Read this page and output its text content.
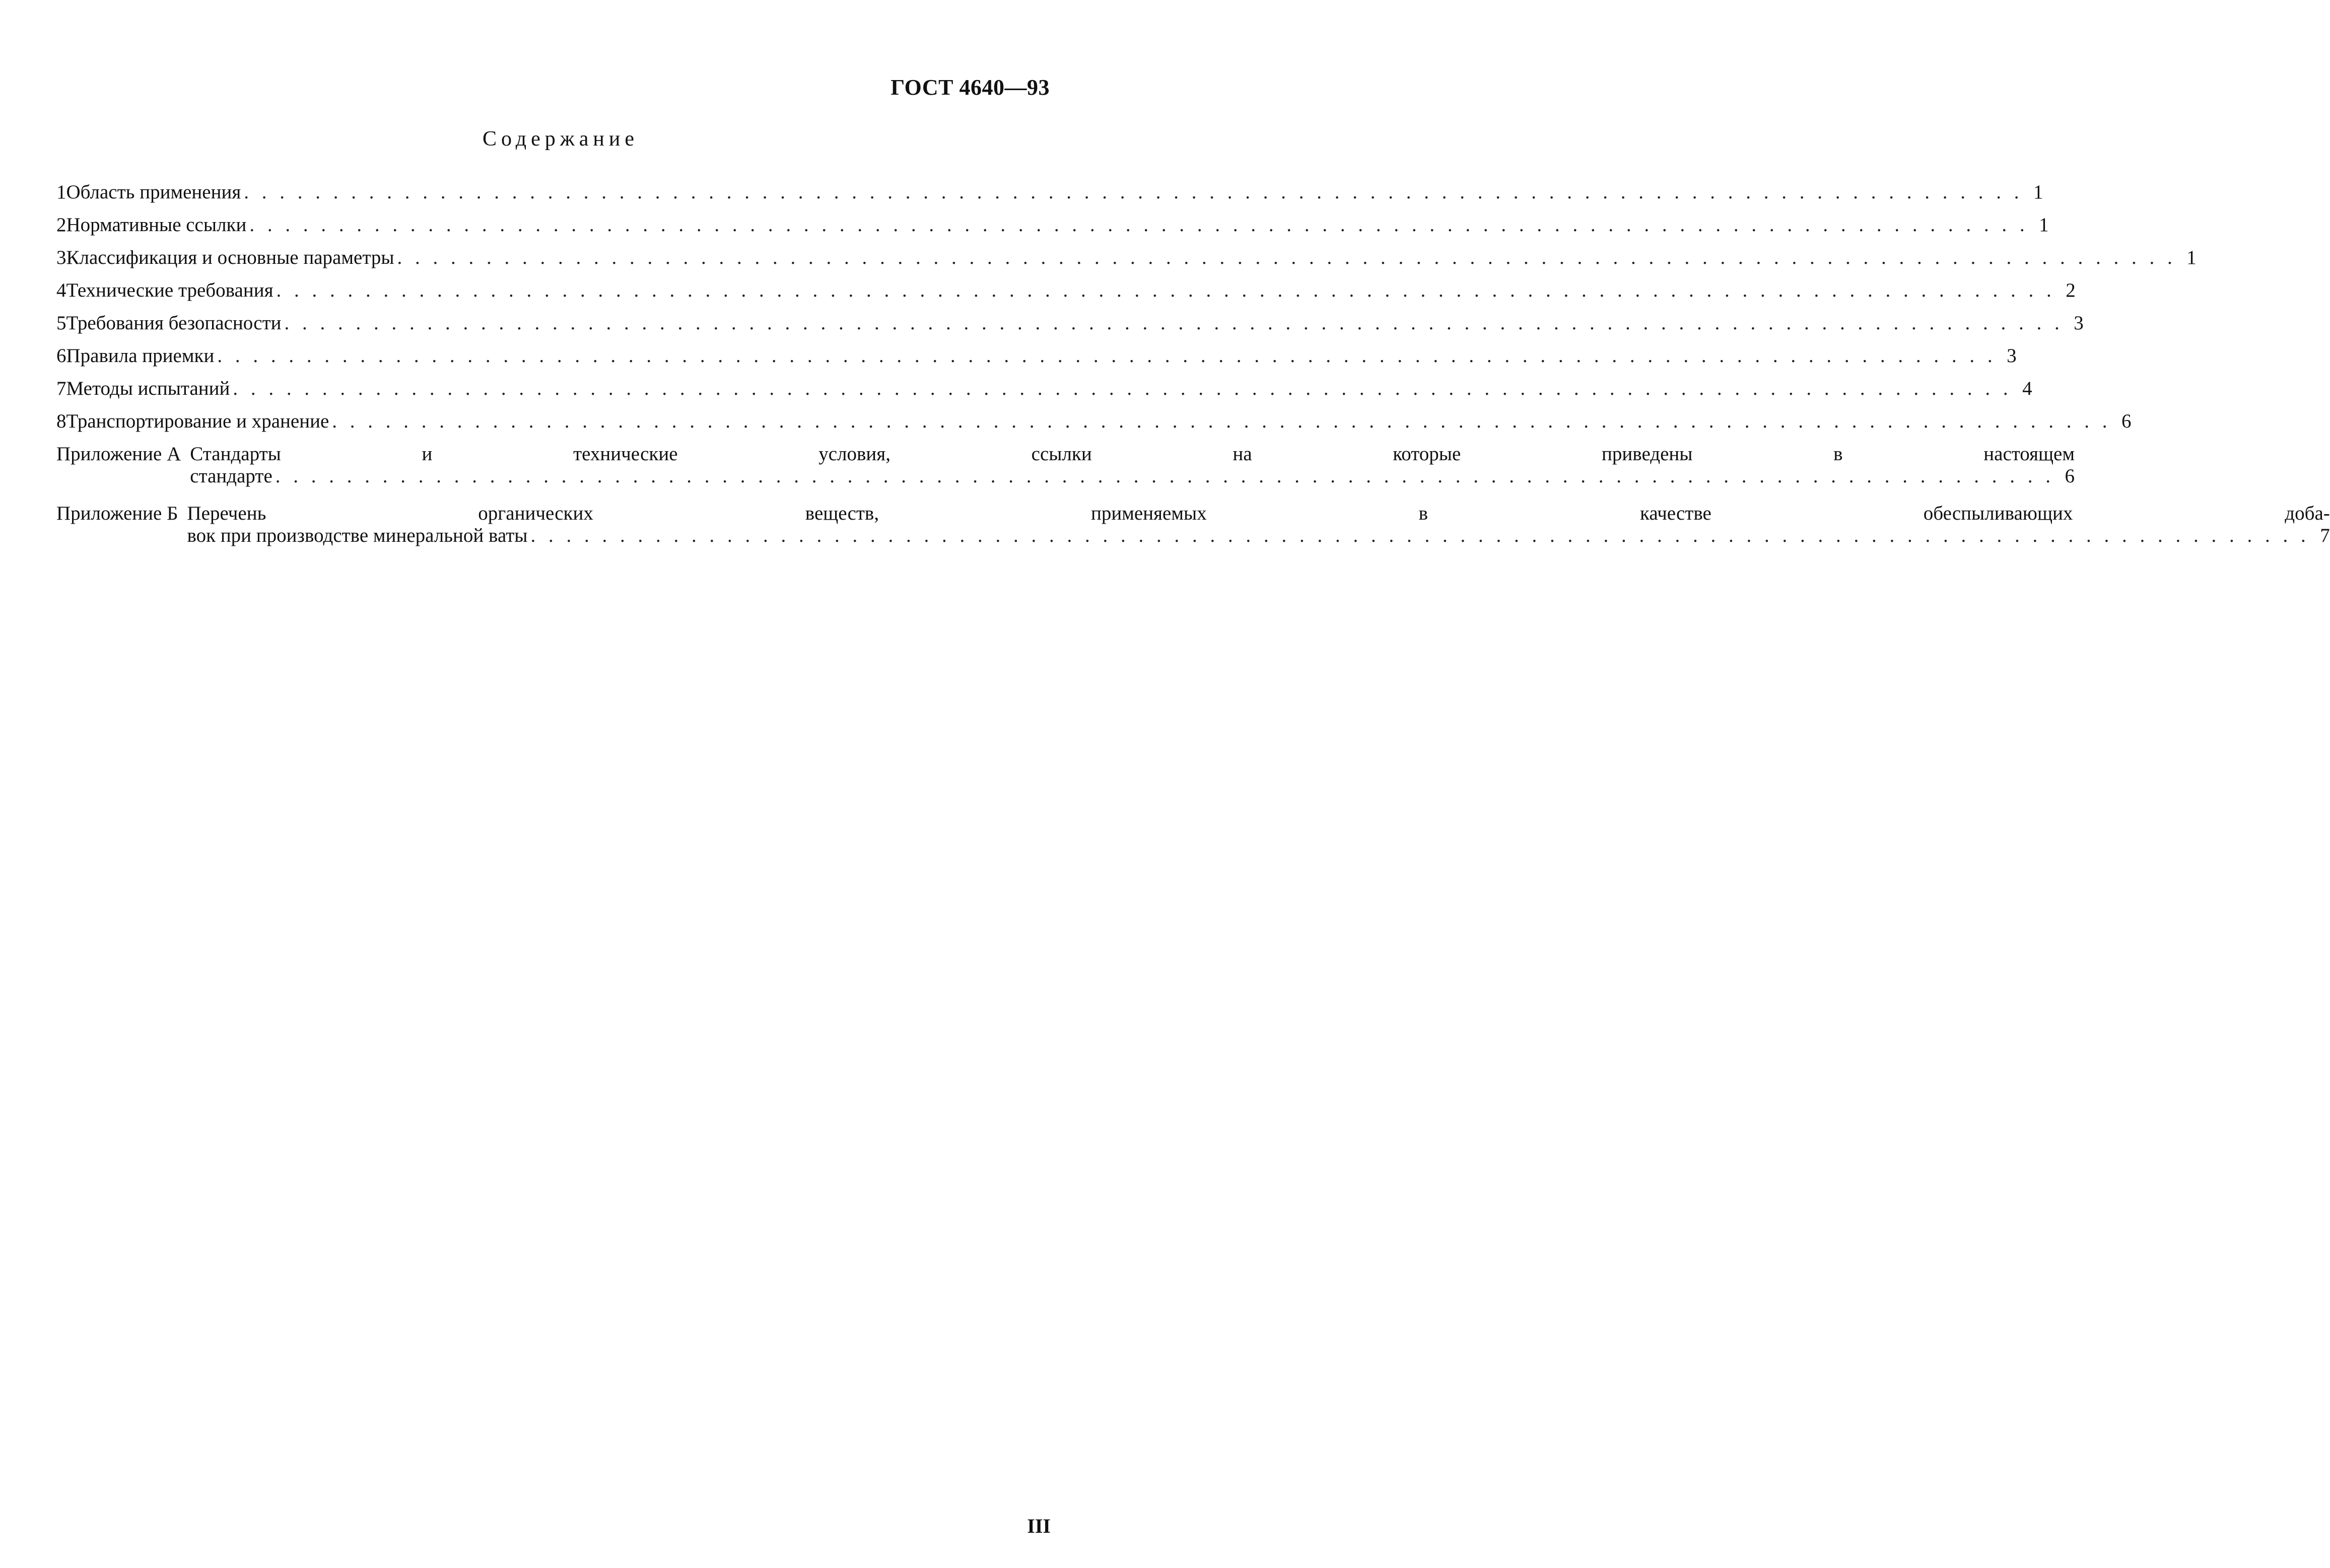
ГОСТ 4640—93
Содержание
1 Область применения . . . . . . . . . . . . . . . . . . . . . . . . . . . . . . . . . . . . . . . . . . . . . . . . . . . . . . . . . . . . . . . . . . . . . . . . . . . . . . . . . . . . . . . . . . . . . . . . . . . . 1
2 Нормативные ссылки . . . . . . . . . . . . . . . . . . . . . . . . . . . . . . . . . . . . . . . . . . . . . . . . . . . . . . . . . . . . . . . . . . . . . . . . . . . . . . . . . . . . . . . . . . . . . . . . . . . . 1
3 Классификация и основные параметры . . . . . . . . . . . . . . . . . . . . . . . . . . . . . . . . . . . . . . . . . . . . . . . . . . . . . . . . . . . . . . . . . . . . . . . . . . . . . . . . . . . . . . . . . . . . . . . . . . . . 1
4 Технические требования . . . . . . . . . . . . . . . . . . . . . . . . . . . . . . . . . . . . . . . . . . . . . . . . . . . . . . . . . . . . . . . . . . . . . . . . . . . . . . . . . . . . . . . . . . . . . . . . . . . . 2
5 Требования безопасности . . . . . . . . . . . . . . . . . . . . . . . . . . . . . . . . . . . . . . . . . . . . . . . . . . . . . . . . . . . . . . . . . . . . . . . . . . . . . . . . . . . . . . . . . . . . . . . . . . . . 3
6 Правила приемки . . . . . . . . . . . . . . . . . . . . . . . . . . . . . . . . . . . . . . . . . . . . . . . . . . . . . . . . . . . . . . . . . . . . . . . . . . . . . . . . . . . . . . . . . . . . . . . . . . . . 3
7 Методы испытаний . . . . . . . . . . . . . . . . . . . . . . . . . . . . . . . . . . . . . . . . . . . . . . . . . . . . . . . . . . . . . . . . . . . . . . . . . . . . . . . . . . . . . . . . . . . . . . . . . . . . 4
8 Транспортирование и хранение . . . . . . . . . . . . . . . . . . . . . . . . . . . . . . . . . . . . . . . . . . . . . . . . . . . . . . . . . . . . . . . . . . . . . . . . . . . . . . . . . . . . . . . . . . . . . . . . . . . . 6
Приложение А Стандарты и технические условия, ссылки на которые приведены в настоящем
стандарте . . . . . . . . . . . . . . . . . . . . . . . . . . . . . . . . . . . . . . . . . . . . . . . . . . . . . . . . . . . . . . . . . . . . . . . . . . . . . . . . . . . . . . . . . . . . . . . . . . . . 6
Приложение Б Перечень органических веществ, применяемых в качестве обеспыливающих доба-
вок при производстве минеральной ваты . . . . . . . . . . . . . . . . . . . . . . . . . . . . . . . . . . . . . . . . . . . . . . . . . . . . . . . . . . . . . . . . . . . . . . . . . . . . . . . . . . . . . . . . . . . . . . . . . . . . 7
III
